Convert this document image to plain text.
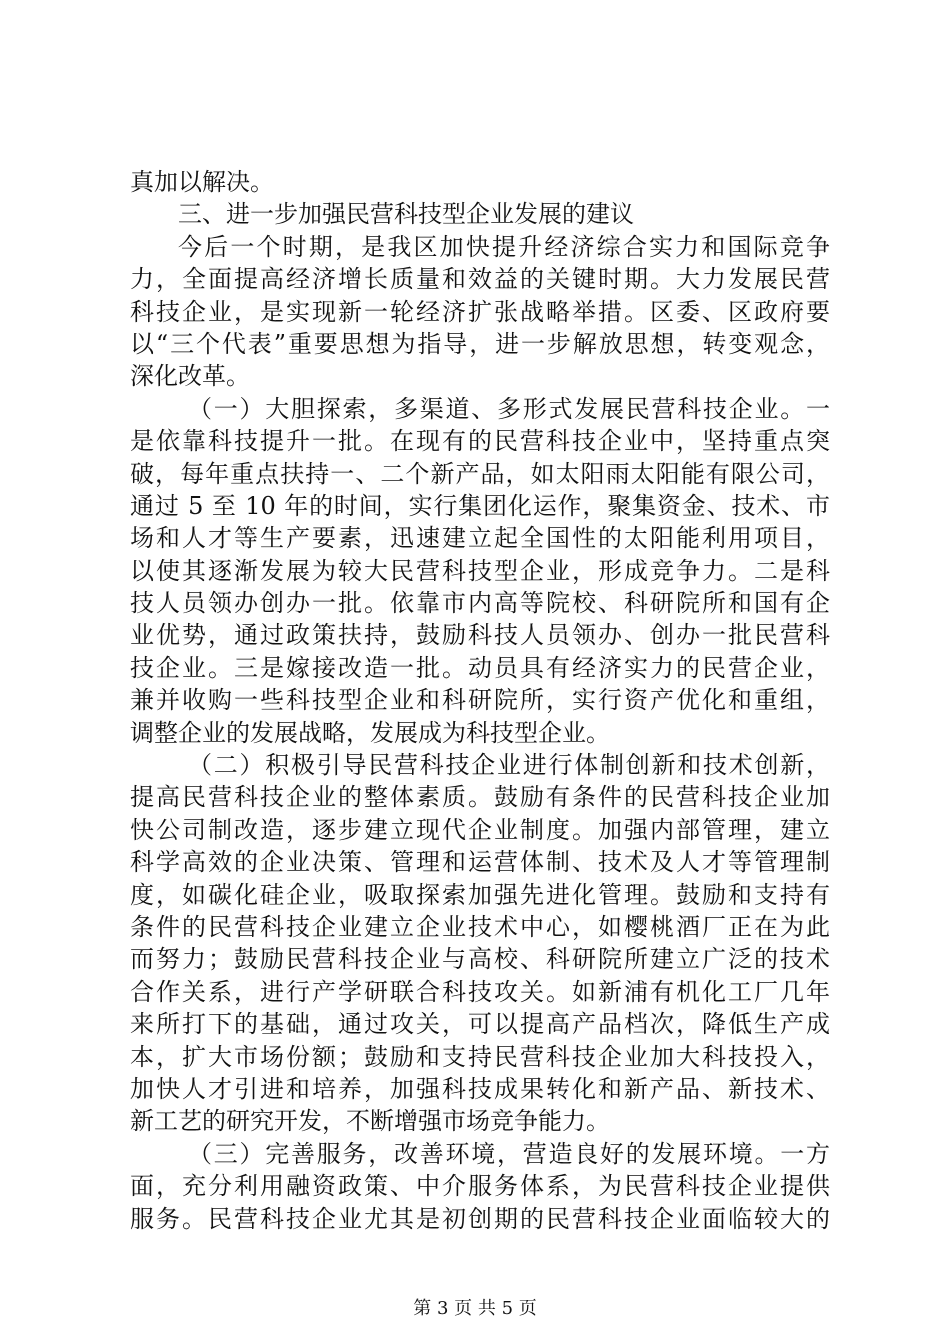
真加以解决。
三、进一步加强民营科技型企业发展的建议
今后一个时期，是我区加快提升经济综合实力和国际竞争
力，全面提高经济增长质量和效益的关键时期。大力发展民营
科技企业，是实现新一轮经济扩张战略举措。区委、区政府要
以“三个代表”重要思想为指导，进一步解放思想，转变观念，
深化改革。
（一）大胆探索，多渠道、多形式发展民营科技企业。一
是依靠科技提升一批。在现有的民营科技企业中，坚持重点突
破，每年重点扶持一、二个新产品，如太阳雨太阳能有限公司，
通过 5 至 10 年的时间，实行集团化运作，聚集资金、技术、市
场和人才等生产要素，迅速建立起全国性的太阳能利用项目，
以使其逐渐发展为较大民营科技型企业，形成竞争力。二是科
技人员领办创办一批。依靠市内高等院校、科研院所和国有企
业优势，通过政策扶持，鼓励科技人员领办、创办一批民营科
技企业。三是嫁接改造一批。动员具有经济实力的民营企业，
兼并收购一些科技型企业和科研院所，实行资产优化和重组，
调整企业的发展战略，发展成为科技型企业。
（二）积极引导民营科技企业进行体制创新和技术创新，
提高民营科技企业的整体素质。鼓励有条件的民营科技企业加
快公司制改造，逐步建立现代企业制度。加强内部管理，建立
科学高效的企业决策、管理和运营体制、技术及人才等管理制
度，如碳化硅企业，吸取探索加强先进化管理。鼓励和支持有
条件的民营科技企业建立企业技术中心，如樱桃酒厂正在为此
而努力；鼓励民营科技企业与高校、科研院所建立广泛的技术
合作关系，进行产学研联合科技攻关。如新浦有机化工厂几年
来所打下的基础，通过攻关，可以提高产品档次，降低生产成
本，扩大市场份额；鼓励和支持民营科技企业加大科技投入，
加快人才引进和培养，加强科技成果转化和新产品、新技术、
新工艺的研究开发，不断增强市场竞争能力。
（三）完善服务，改善环境，营造良好的发展环境。一方
面，充分利用融资政策、中介服务体系，为民营科技企业提供
服务。民营科技企业尤其是初创期的民营科技企业面临较大的
第 3 页 共 5 页
